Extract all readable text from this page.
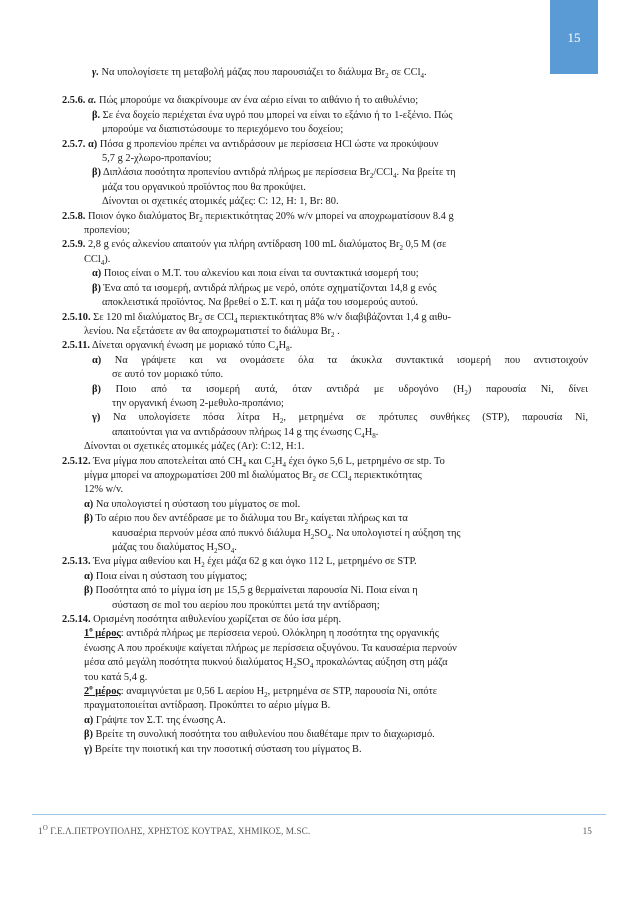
15
γ. Να υπολογίσετε τη μεταβολή μάζας που παρουσιάζει το διάλυμα $Br_2$ σε CCl$_4$.
2.5.6. α. Πώς μπορούμε να διακρίνουμε αν ένα αέριο είναι το αιθάνιο ή το αιθυλένιο;
β. Σε ένα δοχείο περιέχεται ένα υγρό που μπορεί να είναι το εξάνιο ή το 1-εξένιο. Πώς
μπορούμε να διαπιστώσουμε το περιεχόμενο του δοχείου;
2.5.7. α) Πόσα g προπενίου πρέπει να αντιδράσουν με περίσσεια HCl ώστε να προκύψουν
5,7 g 2-χλωρο-προπανίου;
β) Διπλάσια ποσότητα προπενίου αντιδρά πλήρως με περίσσεια $Br_2/CCl_4$. Να βρείτε τη
μάζα του οργανικού προϊόντος που θα προκύψει.
Δίνονται οι σχετικές ατομικές μάζες: C: 12, H: 1, Br: 80.
2.5.8. Ποιον όγκο διαλύματος $Br_2$ περιεκτικότητας 20% w/v μπορεί να αποχρωματίσουν 8.4 g
προπενίου;
2.5.9. 2,8 g ενός αλκενίου απαιτούν για πλήρη αντίδραση 100 mL διαλύματος $Br_2$ 0,5 M (σε
CCl$_4$).
α) Ποιος είναι ο Μ.Τ. του αλκενίου και ποια είναι τα συντακτικά ισομερή του;
β) Ένα από τα ισομερή, αντιδρά πλήρως με νερό, οπότε σχηματίζονται 14,8 g ενός
αποκλειστικά προϊόντος. Να βρεθεί ο Σ.Τ. και η μάζα του ισομερούς αυτού.
2.5.10. Σε 120 ml διαλύματος $Br_2$ σε CCl$_4$ περιεκτικότητας 8% w/v διαβιβάζονται 1,4 g αιθυ-
λενίου. Να εξετάσετε αν θα αποχρωματιστεί το διάλυμα $Br_2$ .
2.5.11. Δίνεται οργανική ένωση με μοριακό τύπο $C_4H_8$.
α) Να γράψετε και να ονομάσετε όλα τα άκυκλα συντακτικά ισομερή που αντιστοιχούν
σε αυτό τον μοριακό τύπο.
β) Ποιο από τα ισομερή αυτά, όταν αντιδρά με υδρογόνο $(H_2)$ παρουσία Ni, δίνει
την οργανική ένωση 2-μεθυλο-προπάνιο;
γ) Να υπολογίσετε πόσα λίτρα $H_2$, μετρημένα σε πρότυπες συνθήκες (STP), παρουσία Ni,
απαιτούνται για να αντιδράσουν πλήρως 14 g της ένωσης $C_4H_8$.
Δίνονται οι σχετικές ατομικές μάζες (Ar): C:12, H:1.
2.5.12. Ένα μίγμα που αποτελείται από $CH_4$ και $C_2H_4$ έχει όγκο 5,6 L, μετρημένο σε stp. Το
μίγμα μπορεί να αποχρωματίσει 200 ml διαλύματος $Br_2$ σε CCl$_4$ περιεκτικότητας
12% w/v.
α) Να υπολογιστεί η σύσταση του μίγματος σε mol.
β) Το αέριο που δεν αντέδρασε με το διάλυμα του $Br_2$ καίγεται πλήρως και τα
καυσαέρια περνούν μέσα από πυκνό διάλυμα $H_2SO_4$. Να υπολογιστεί η αύξηση της
μάζας του διαλύματος $H_2SO_4$.
2.5.13. Ένα μίγμα αιθενίου και $H_2$ έχει μάζα 62 g και όγκο 112 L, μετρημένο σε STP.
α) Ποια είναι η σύσταση του μίγματος;
β) Ποσότητα από το μίγμα ίση με 15,5 g θερμαίνεται παρουσία Ni. Ποια είναι η
σύσταση σε mol του αερίου που προκύπτει μετά την αντίδραση;
2.5.14. Ορισμένη ποσότητα αιθυλενίου χωρίζεται σε δύο ίσα μέρη.
$1^o$ μέρος: αντιδρά πλήρως με περίσσεια νερού. Ολόκληρη η ποσότητα της οργανικής
ένωσης Α που προέκυψε καίγεται πλήρως με περίσσεια οξυγόνου. Τα καυσαέρια περνούν
μέσα από μεγάλη ποσότητα πυκνού διαλύματος $H_2SO_4$ προκαλώντας αύξηση στη μάζα
του κατά 5,4 g.
$2^o$ μέρος: αναμιγνύεται με 0,56 L αερίου $H_2$, μετρημένα σε STP, παρουσία Ni, οπότε
πραγματοποιείται αντίδραση. Προκύπτει το αέριο μίγμα Β.
α) Γράψτε τον Σ.Τ. της ένωσης Α.
β) Βρείτε τη συνολική ποσότητα του αιθυλενίου που διαθέταμε πριν το διαχωρισμό.
γ) Βρείτε την ποιοτική και την ποσοτική σύσταση του μίγματος Β.
$1^O$ Γ.Ε.Λ.ΠΕΤΡΟΥΠΟΛΗΣ, ΧΡΗΣΤΟΣ ΚΟΥΤΡΑΣ, ΧΗΜΙΚΟΣ, M.SC.	15
